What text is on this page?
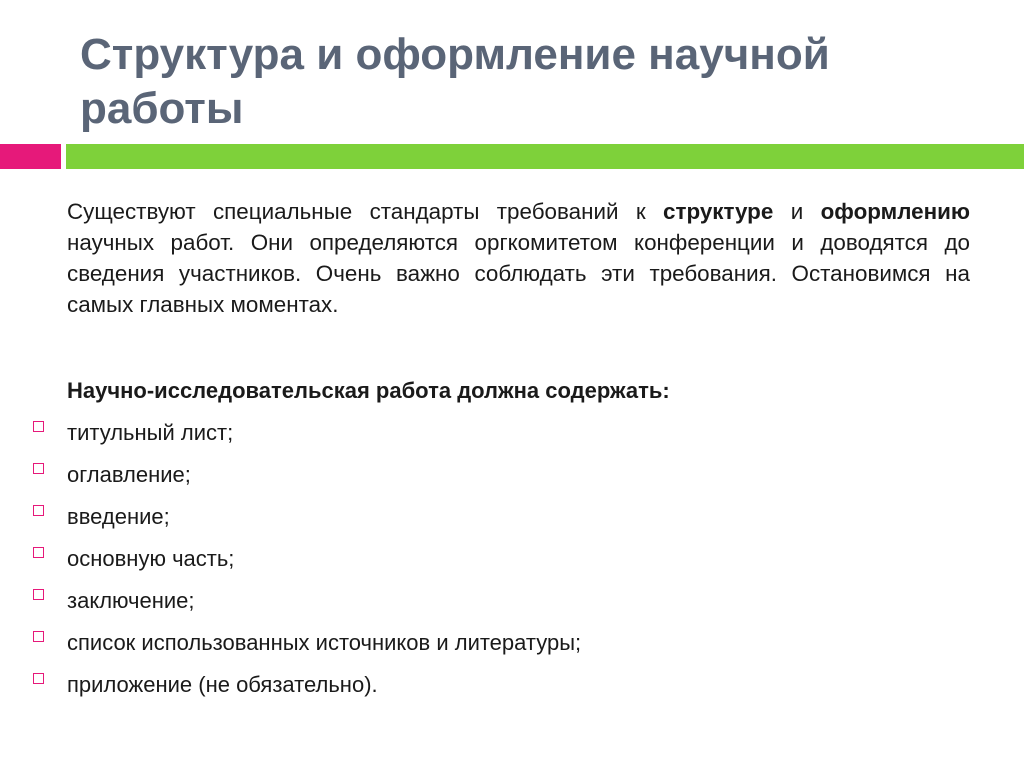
Структура и оформление научной
работы

Существуют специальные стандарты требований к структуре и оформлению научных работ. Они определяются оргкомитетом конференции и доводятся до сведения участников. Очень важно соблюдать эти требования. Остановимся на самых главных моментах.

Научно-исследовательская работа должна содержать:

титульный лист;
оглавление;
введение;
основную часть;
заключение;
список использованных источников и литературы;
приложение (не обязательно).
